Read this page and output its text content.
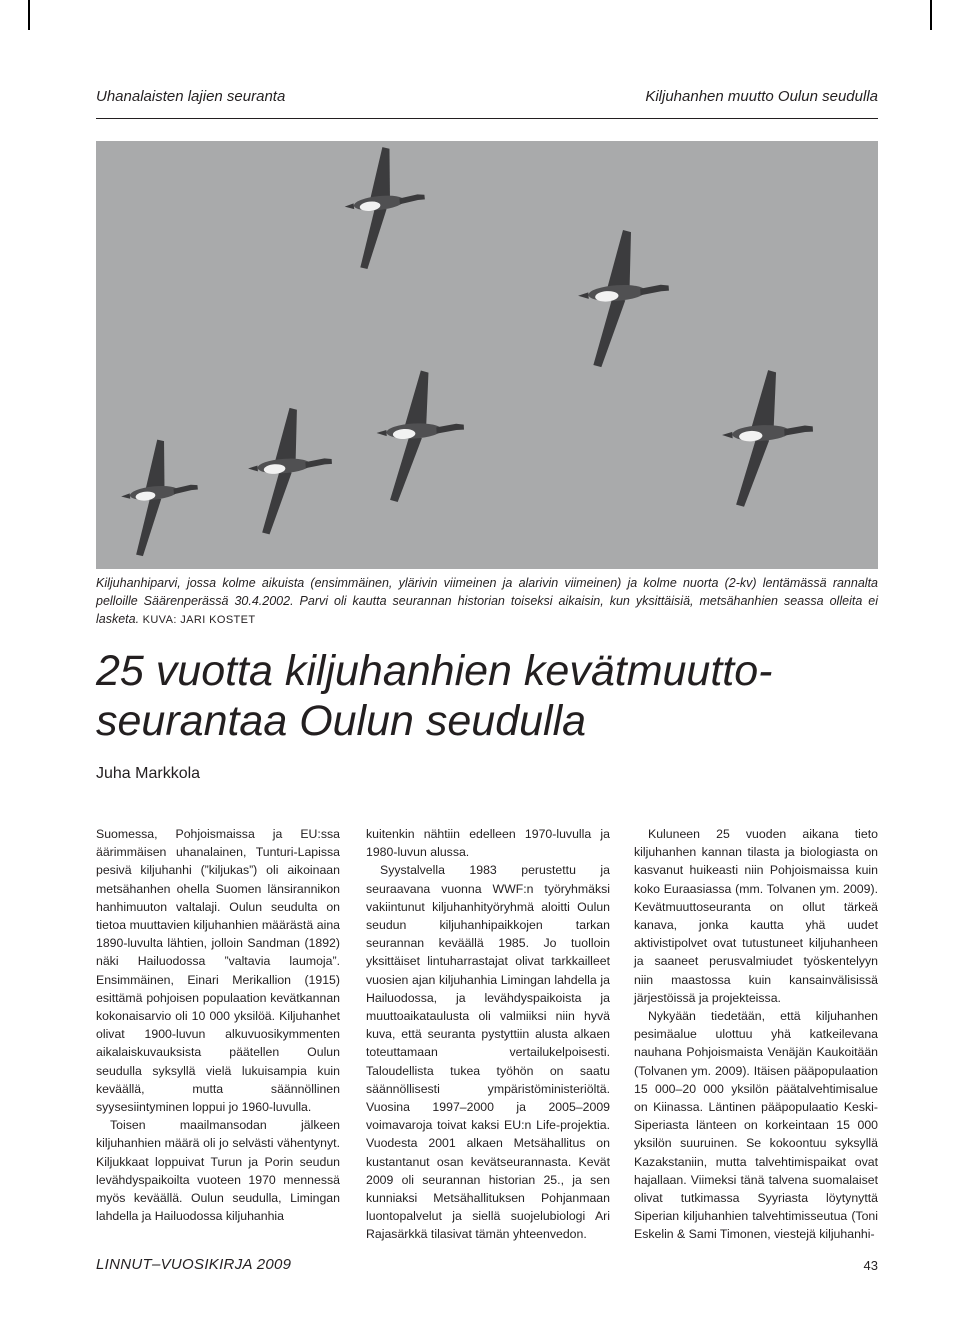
Uhanalaisten lajien seuranta	Kiljuhanhen muutto Oulun seudulla
Kiljuhanhiparvi, jossa kolme aikuista (ensimmäinen, ylärivin viimeinen ja alarivin viimeinen) ja kolme nuorta (2-kv) lentämässä rannalta pelloille Säärenperässä 30.4.2002. Parvi oli kautta seurannan historian toiseksi aikaisin, kun yksittäisiä, metsähanhien seassa olleita ei lasketa. KUVA: JARI KOSTET
25 vuotta kiljuhanhien kevätmuutto-
seurantaa Oulun seudulla
Juha Markkola

Suomessa, Pohjoismaissa ja EU:ssa äärimmäisen uhanalainen, Tunturi-Lapissa pesivä kiljuhanhi (”kiljukas”) oli aikoinaan metsähanhen ohella Suomen länsirannikon hanhimuuton valtalaji. Oulun seudulta on tietoa muuttavien kiljuhanhien määrästä aina 1890-luvulta lähtien, jolloin Sandman (1892) näki Hailuodossa ”valtavia laumoja”. Ensimmäinen, Einari Merikallion (1915) esittämä pohjoisen populaation kevätkannan kokonaisarvio oli 10 000 yksilöä. Kiljuhanhet olivat 1900-luvun alkuvuosikymmenten aikalaiskuvauksista päätellen Oulun seudulla syksyllä vielä lukuisampia kuin keväällä, mutta säännöllinen syysesiintyminen loppui jo 1960-luvulla.

Toisen maailmansodan jälkeen kiljuhanhien määrä oli jo selvästi vähentynyt. Kiljukkaat loppuivat Turun ja Porin seudun levähdyspaikoilta vuoteen 1970 mennessä myös keväällä. Oulun seudulla, Limingan lahdella ja Hailuodossa kiljuhanhia

kuitenkin nähtiin edelleen 1970-luvulla ja 1980-luvun alussa.

Syystalvella 1983 perustettu ja seuraavana vuonna WWF:n työryhmäksi vakiintunut kiljuhanhityöryhmä aloitti Oulun seudun kiljuhanhipaikkojen tarkan seurannan keväällä 1985. Jo tuolloin yksittäiset lintuharrastajat olivat tarkkailleet vuosien ajan kiljuhanhia Limingan lahdella ja Hailuodossa, ja levähdyspaikoista ja muuttoaikataulusta oli valmiiksi niin hyvä kuva, että seuranta pystyttiin alusta alkaen toteuttamaan vertailukelpoisesti. Taloudellista tukea työhön on saatu säännöllisesti ympäristöministeriöltä. Vuosina 1997–2000 ja 2005–2009 voimavaroja toivat kaksi EU:n Life-projektia. Vuodesta 2001 alkaen Metsähallitus on kustantanut osan kevätseurannasta. Kevät 2009 oli seurannan historian 25., ja sen kunniaksi Metsähallituksen Pohjanmaan luontopalvelut ja siellä suojelubiologi Ari Rajasärkkä tilasivat tämän yhteenvedon.

Kuluneen 25 vuoden aikana tieto kiljuhanhen kannan tilasta ja biologiasta on kasvanut huikeasti niin Pohjoismaissa kuin koko Euraasiassa (mm. Tolvanen ym. 2009). Kevätmuuttoseuranta on ollut tärkeä kanava, jonka kautta yhä uudet aktivistipolvet ovat tutustuneet kiljuhanheen ja saaneet perusvalmiudet työskentelyyn niin maastossa kuin kansainvälisissä järjestöissä ja projekteissa.

Nykyään tiedetään, että kiljuhanhen pesimäalue ulottuu yhä katkeilevana nauhana Pohjoismaista Venäjän Kaukoitään (Tolvanen ym. 2009). Itäisen pääpopulaation 15 000–20 000 yksilön päätalvehtimisalue on Kiinassa. Läntinen pääpopulaatio Keski-Siperiasta länteen on korkeintaan 15 000 yksilön suuruinen. Se kokoontuu syksyllä Kazakstaniin, mutta talvehtimispaikat ovat hajallaan. Viimeksi tänä talvena suomalaiset olivat tutkimassa Syyriasta löytynyttä Siperian kiljuhanhien talvehtimisseutua (Toni Eskelin & Sami Timonen, viestejä kiljuhanhi-

LINNUT–VUOSIKIRJA 2009	43
